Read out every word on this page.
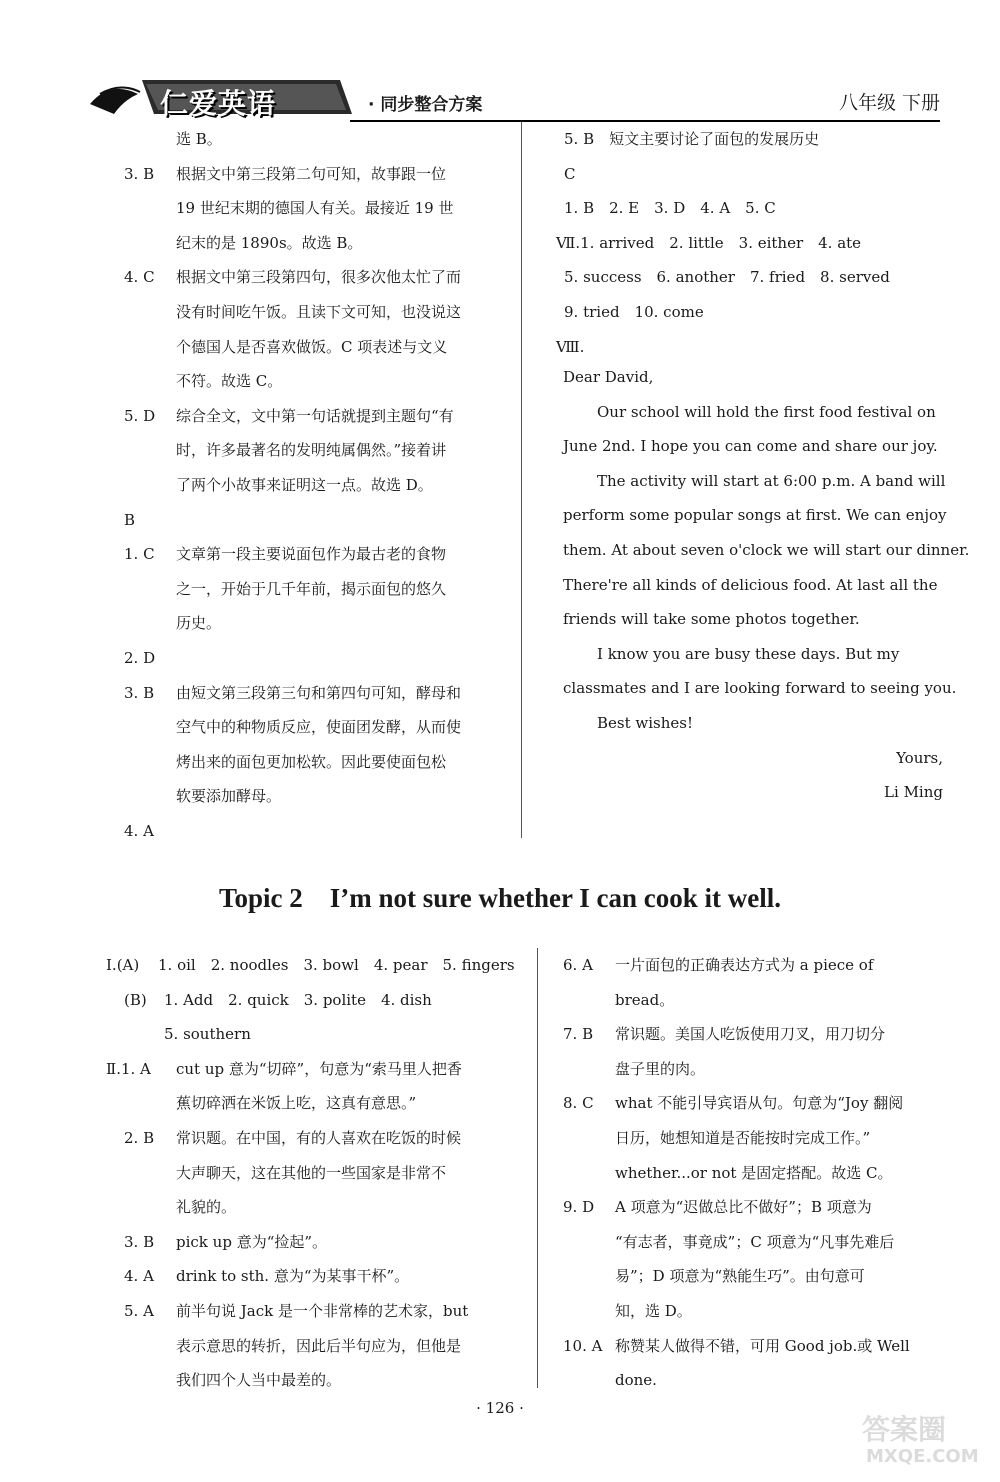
仁爱英语	· 同步整合方案	八年级 下册
选 B。
3. B 根据文中第三段第二句可知，故事跟一位
19 世纪末期的德国人有关。最接近 19 世
纪末的是 1890s。故选 B。
4. C 根据文中第三段第四句，很多次他太忙了而
没有时间吃午饭。且读下文可知，也没说这
个德国人是否喜欢做饭。C 项表述与文义
不符。故选 C。
5. D 综合全文，文中第一句话就提到主题句“有
时，许多最著名的发明纯属偶然。”接着讲
了两个小故事来证明这一点。故选 D。
B
1. C 文章第一段主要说面包作为最古老的食物
之一，开始于几千年前，揭示面包的悠久
历史。
2. D
3. B 由短文第三段第三句和第四句可知，酵母和
空气中的种物质反应，使面团发酵，从而使
烤出来的面包更加松软。因此要使面包松
软要添加酵母。
4. A
5. B　短文主要讨论了面包的发展历史
C
1. B　2. E　3. D　4. A　5. C
Ⅶ.1. arrived　2. little　3. either　4. ate
5. success　6. another　7. fried　8. served
9. tried　10. come
Ⅷ.
Dear David,
Our school will hold the first food festival on
June 2nd. I hope you can come and share our joy.
The activity will start at 6:00 p.m. A band will
perform some popular songs at first. We can enjoy
them. At about seven o'clock we will start our dinner.
There're all kinds of delicious food. At last all the
friends will take some photos together.
I know you are busy these days. But my
classmates and I are looking forward to seeing you.
Best wishes!
Yours,
Li Ming
Topic 2　I’m not sure whether I can cook it well.
Ⅰ.(A) 1. oil　2. noodles　3. bowl　4. pear　5. fingers
(B) 1. Add　2. quick　3. polite　4. dish
5. southern
Ⅱ.1. A cut up 意为“切碎”，句意为“索马里人把香
蕉切碎洒在米饭上吃，这真有意思。”
2. B 常识题。在中国，有的人喜欢在吃饭的时候
大声聊天，这在其他的一些国家是非常不
礼貌的。
3. B pick up 意为“捡起”。
4. A drink to sth. 意为“为某事干杯”。
5. A 前半句说 Jack 是一个非常棒的艺术家，but
表示意思的转折，因此后半句应为，但他是
我们四个人当中最差的。
6. A 一片面包的正确表达方式为 a piece of
bread。
7. B 常识题。美国人吃饭使用刀叉，用刀切分
盘子里的肉。
8. C what 不能引导宾语从句。句意为“Joy 翻阅
日历，她想知道是否能按时完成工作。”
whether...or not 是固定搭配。故选 C。
9. D A 项意为“迟做总比不做好”；B 项意为
“有志者，事竟成”；C 项意为“凡事先难后
易”；D 项意为“熟能生巧”。由句意可
知，选 D。
10. A 称赞某人做得不错，可用 Good job.或 Well
done.
· 126 ·
答案圈
MXQE.COM
